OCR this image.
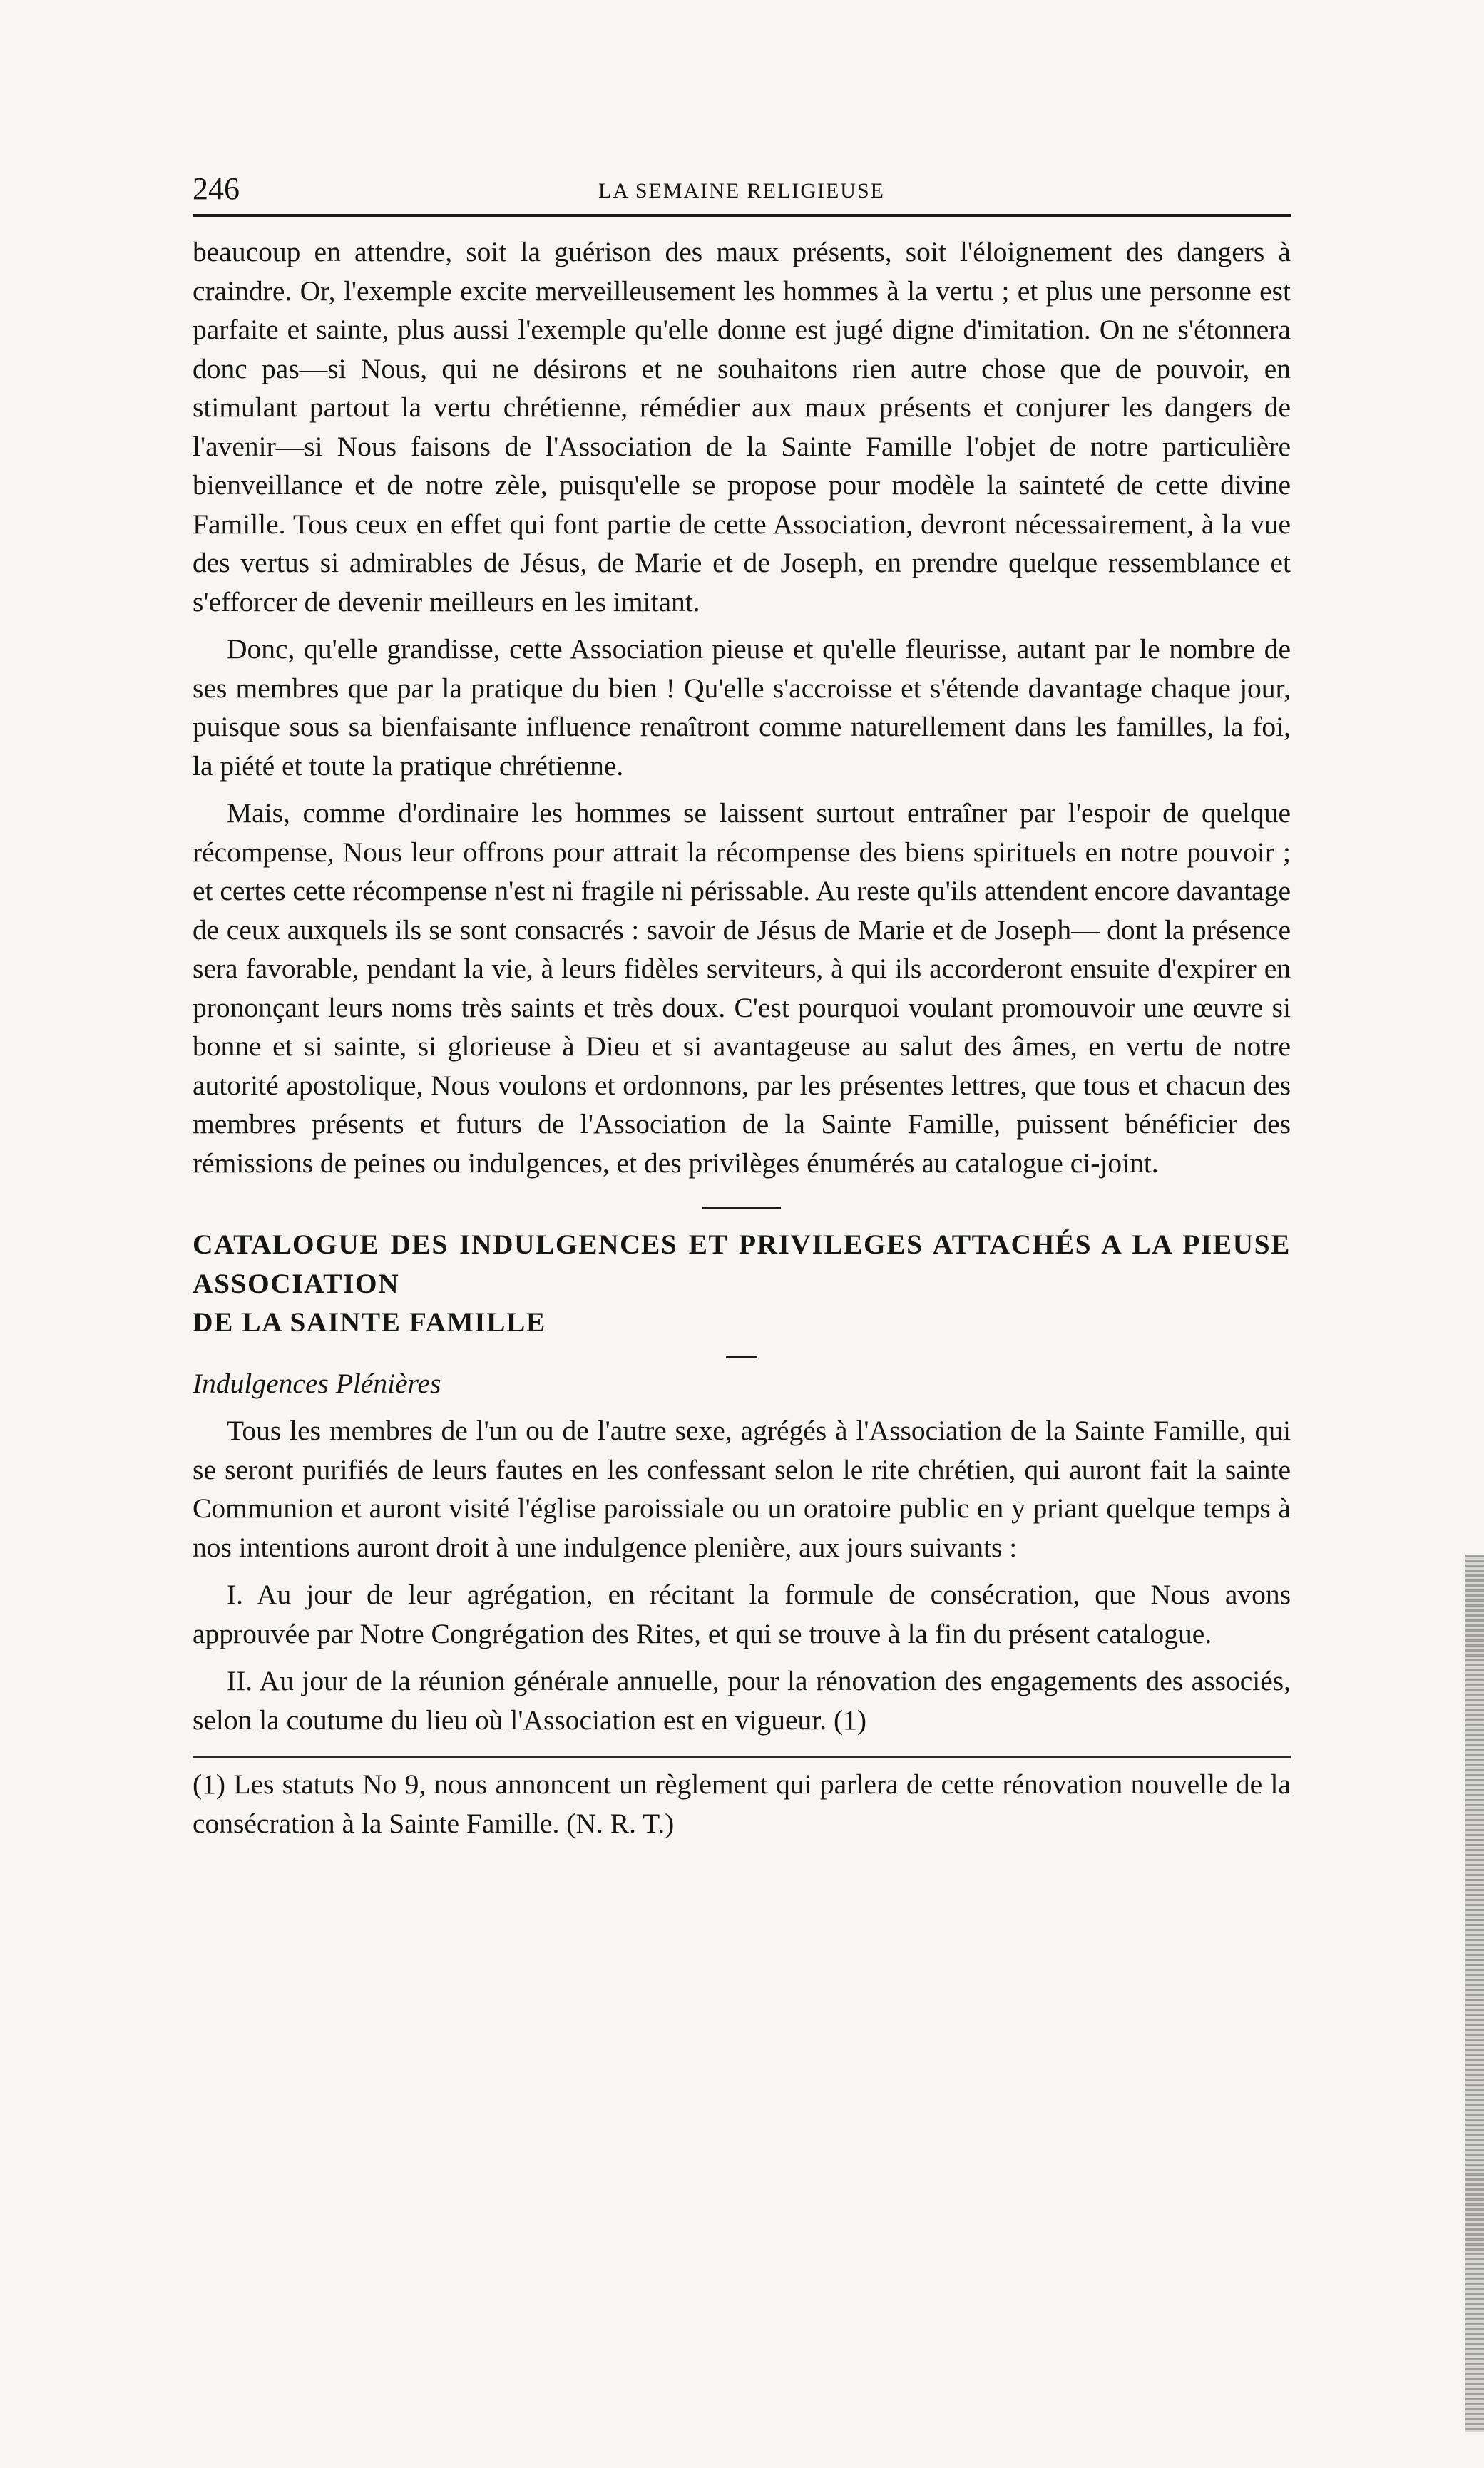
246	LA SEMAINE RELIGIEUSE

beaucoup en attendre, soit la guérison des maux présents, soit l'éloignement des dangers à craindre. Or, l'exemple excite merveilleusement les hommes à la vertu ; et plus une personne est parfaite et sainte, plus aussi l'exemple qu'elle donne est jugé digne d'imitation. On ne s'étonnera donc pas—si Nous, qui ne désirons et ne souhaitons rien autre chose que de pouvoir, en stimulant partout la vertu chrétienne, rémédier aux maux présents et conjurer les dangers de l'avenir—si Nous faisons de l'Association de la Sainte Famille l'objet de notre particulière bienveillance et de notre zèle, puisqu'elle se propose pour modèle la sainteté de cette divine Famille. Tous ceux en effet qui font partie de cette Association, devront nécessairement, à la vue des vertus si admirables de Jésus, de Marie et de Joseph, en prendre quelque ressemblance et s'efforcer de devenir meilleurs en les imitant.

Donc, qu'elle grandisse, cette Association pieuse et qu'elle fleurisse, autant par le nombre de ses membres que par la pratique du bien ! Qu'elle s'accroisse et s'étende davantage chaque jour, puisque sous sa bienfaisante influence renaîtront comme naturellement dans les familles, la foi, la piété et toute la pratique chrétienne.

Mais, comme d'ordinaire les hommes se laissent surtout entraîner par l'espoir de quelque récompense, Nous leur offrons pour attrait la récompense des biens spirituels en notre pouvoir ; et certes cette récompense n'est ni fragile ni périssable. Au reste qu'ils attendent encore davantage de ceux auxquels ils se sont consacrés : savoir de Jésus de Marie et de Joseph— dont la présence sera favorable, pendant la vie, à leurs fidèles serviteurs, à qui ils accorderont ensuite d'expirer en prononçant leurs noms très saints et très doux. C'est pourquoi voulant promouvoir une œuvre si bonne et si sainte, si glorieuse à Dieu et si avantageuse au salut des âmes, en vertu de notre autorité apostolique, Nous voulons et ordonnons, par les présentes lettres, que tous et chacun des membres présents et futurs de l'Association de la Sainte Famille, puissent bénéficier des rémissions de peines ou indulgences, et des privilèges énumérés au catalogue ci-joint.

CATALOGUE DES INDULGENCES ET PRIVILEGES ATTACHÉS A LA PIEUSE ASSOCIATION

DE LA SAINTE FAMILLE

Indulgences Plénières

Tous les membres de l'un ou de l'autre sexe, agrégés à l'Association de la Sainte Famille, qui se seront purifiés de leurs fautes en les confessant selon le rite chrétien, qui auront fait la sainte Communion et auront visité l'église paroissiale ou un oratoire public en y priant quelque temps à nos intentions auront droit à une indulgence plenière, aux jours suivants :

I. Au jour de leur agrégation, en récitant la formule de consécration, que Nous avons approuvée par Notre Congrégation des Rites, et qui se trouve à la fin du présent catalogue.

II. Au jour de la réunion générale annuelle, pour la rénovation des engagements des associés, selon la coutume du lieu où l'Association est en vigueur. (1)

(1) Les statuts No 9, nous annoncent un règlement qui parlera de cette rénovation nouvelle de la consécration à la Sainte Famille. (N. R. T.)
